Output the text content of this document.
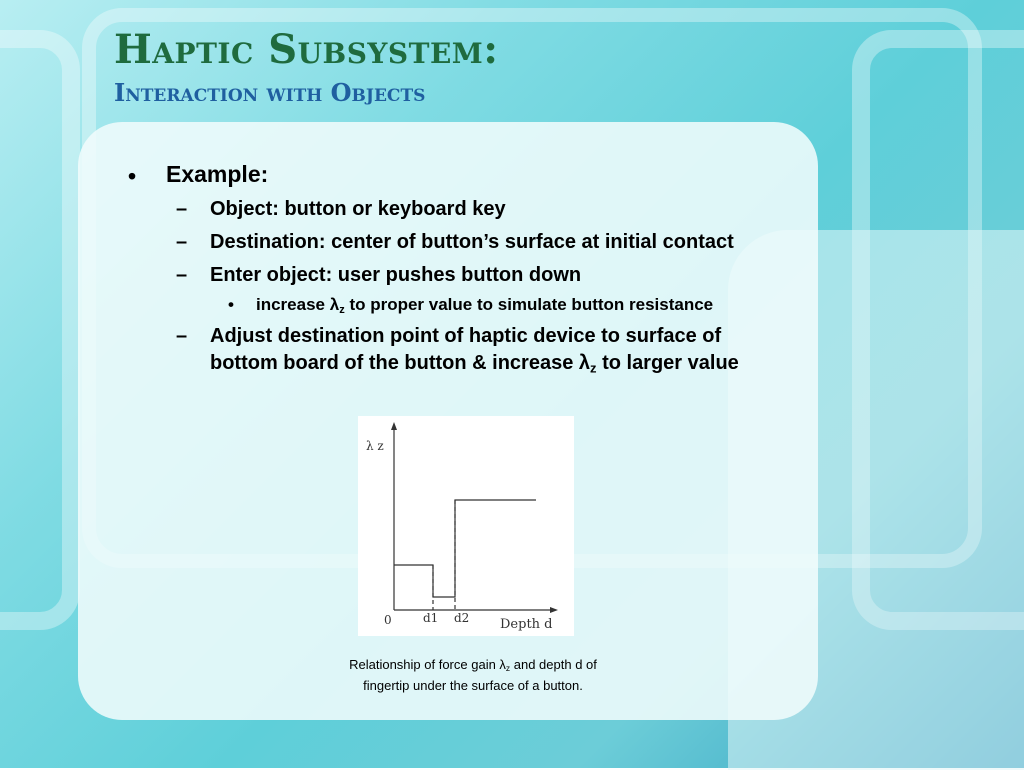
Haptic Subsystem:
Interaction with Objects
• Example:
– Object: button or keyboard key
– Destination: center of button’s surface at initial contact
– Enter object: user pushes button down
• increase $\lambda_z$ to proper value to simulate button resistance
– Adjust destination point of haptic device to surface of
bottom board of the button & increase $\lambda_z$ to larger value
λ z
0	d1 d2 Depth d
Relationship of force gain $\lambda_z$ and depth d of
fingertip under the surface of a button.
